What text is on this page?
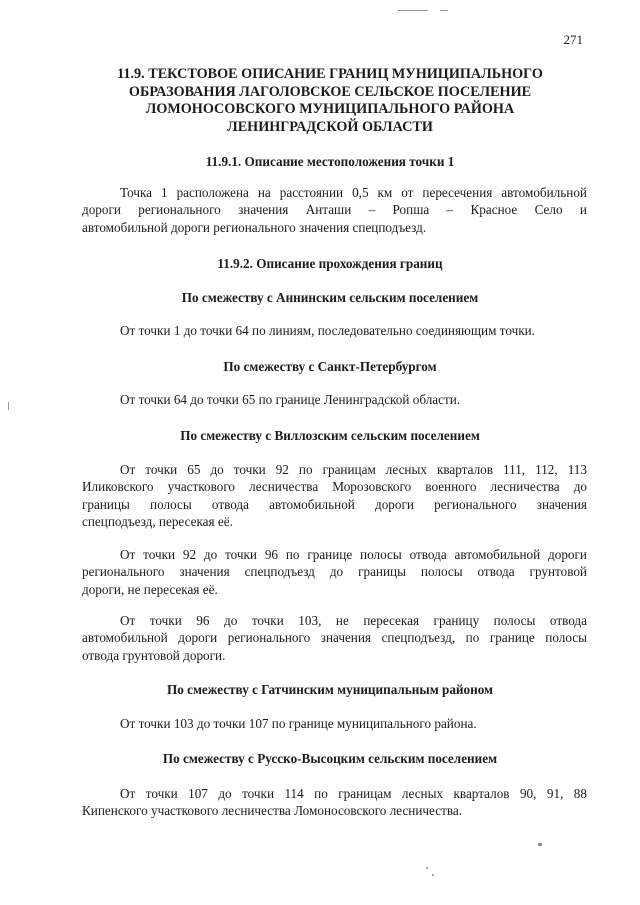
271
11.9. ТЕКСТОВОЕ ОПИСАНИЕ ГРАНИЦ МУНИЦИПАЛЬНОГО
ОБРАЗОВАНИЯ ЛАГОЛОВСКОЕ СЕЛЬСКОЕ ПОСЕЛЕНИЕ
ЛОМОНОСОВСКОГО МУНИЦИПАЛЬНОГО РАЙОНА
ЛЕНИНГРАДСКОЙ ОБЛАСТИ
11.9.1. Описание местоположения точки 1
Точка 1 расположена на расстоянии 0,5 км от пересечения автомобильной
дороги регионального значения Анташи – Ропша – Красное Село и
автомобильной дороги регионального значения спецподъезд.
11.9.2. Описание прохождения границ
По смежеству с Аннинским сельским поселением
От точки 1 до точки 64 по линиям, последовательно соединяющим точки.
По смежеству с Санкт-Петербургом
От точки 64 до точки 65 по границе Ленинградской области.
По смежеству с Виллозским сельским поселением
От точки 65 до точки 92 по границам лесных кварталов 111, 112, 113
Иликовского участкового лесничества Морозовского военного лесничества до
границы полосы отвода автомобильной дороги регионального значения
спецподъезд, пересекая её.
От точки 92 до точки 96 по границе полосы отвода автомобильной дороги
регионального значения спецподъезд до границы полосы отвода грунтовой
дороги, не пересекая её.
От точки 96 до точки 103, не пересекая границу полосы отвода
автомобильной дороги регионального значения спецподъезд, по границе полосы
отвода грунтовой дороги.
По смежеству с Гатчинским муниципальным районом
От точки 103 до точки 107 по границе муниципального района.
По смежеству с Русско-Высоцким сельским поселением
От точки 107 до точки 114 по границам лесных кварталов 90, 91, 88
Кипенского участкового лесничества Ломоносовского лесничества.
